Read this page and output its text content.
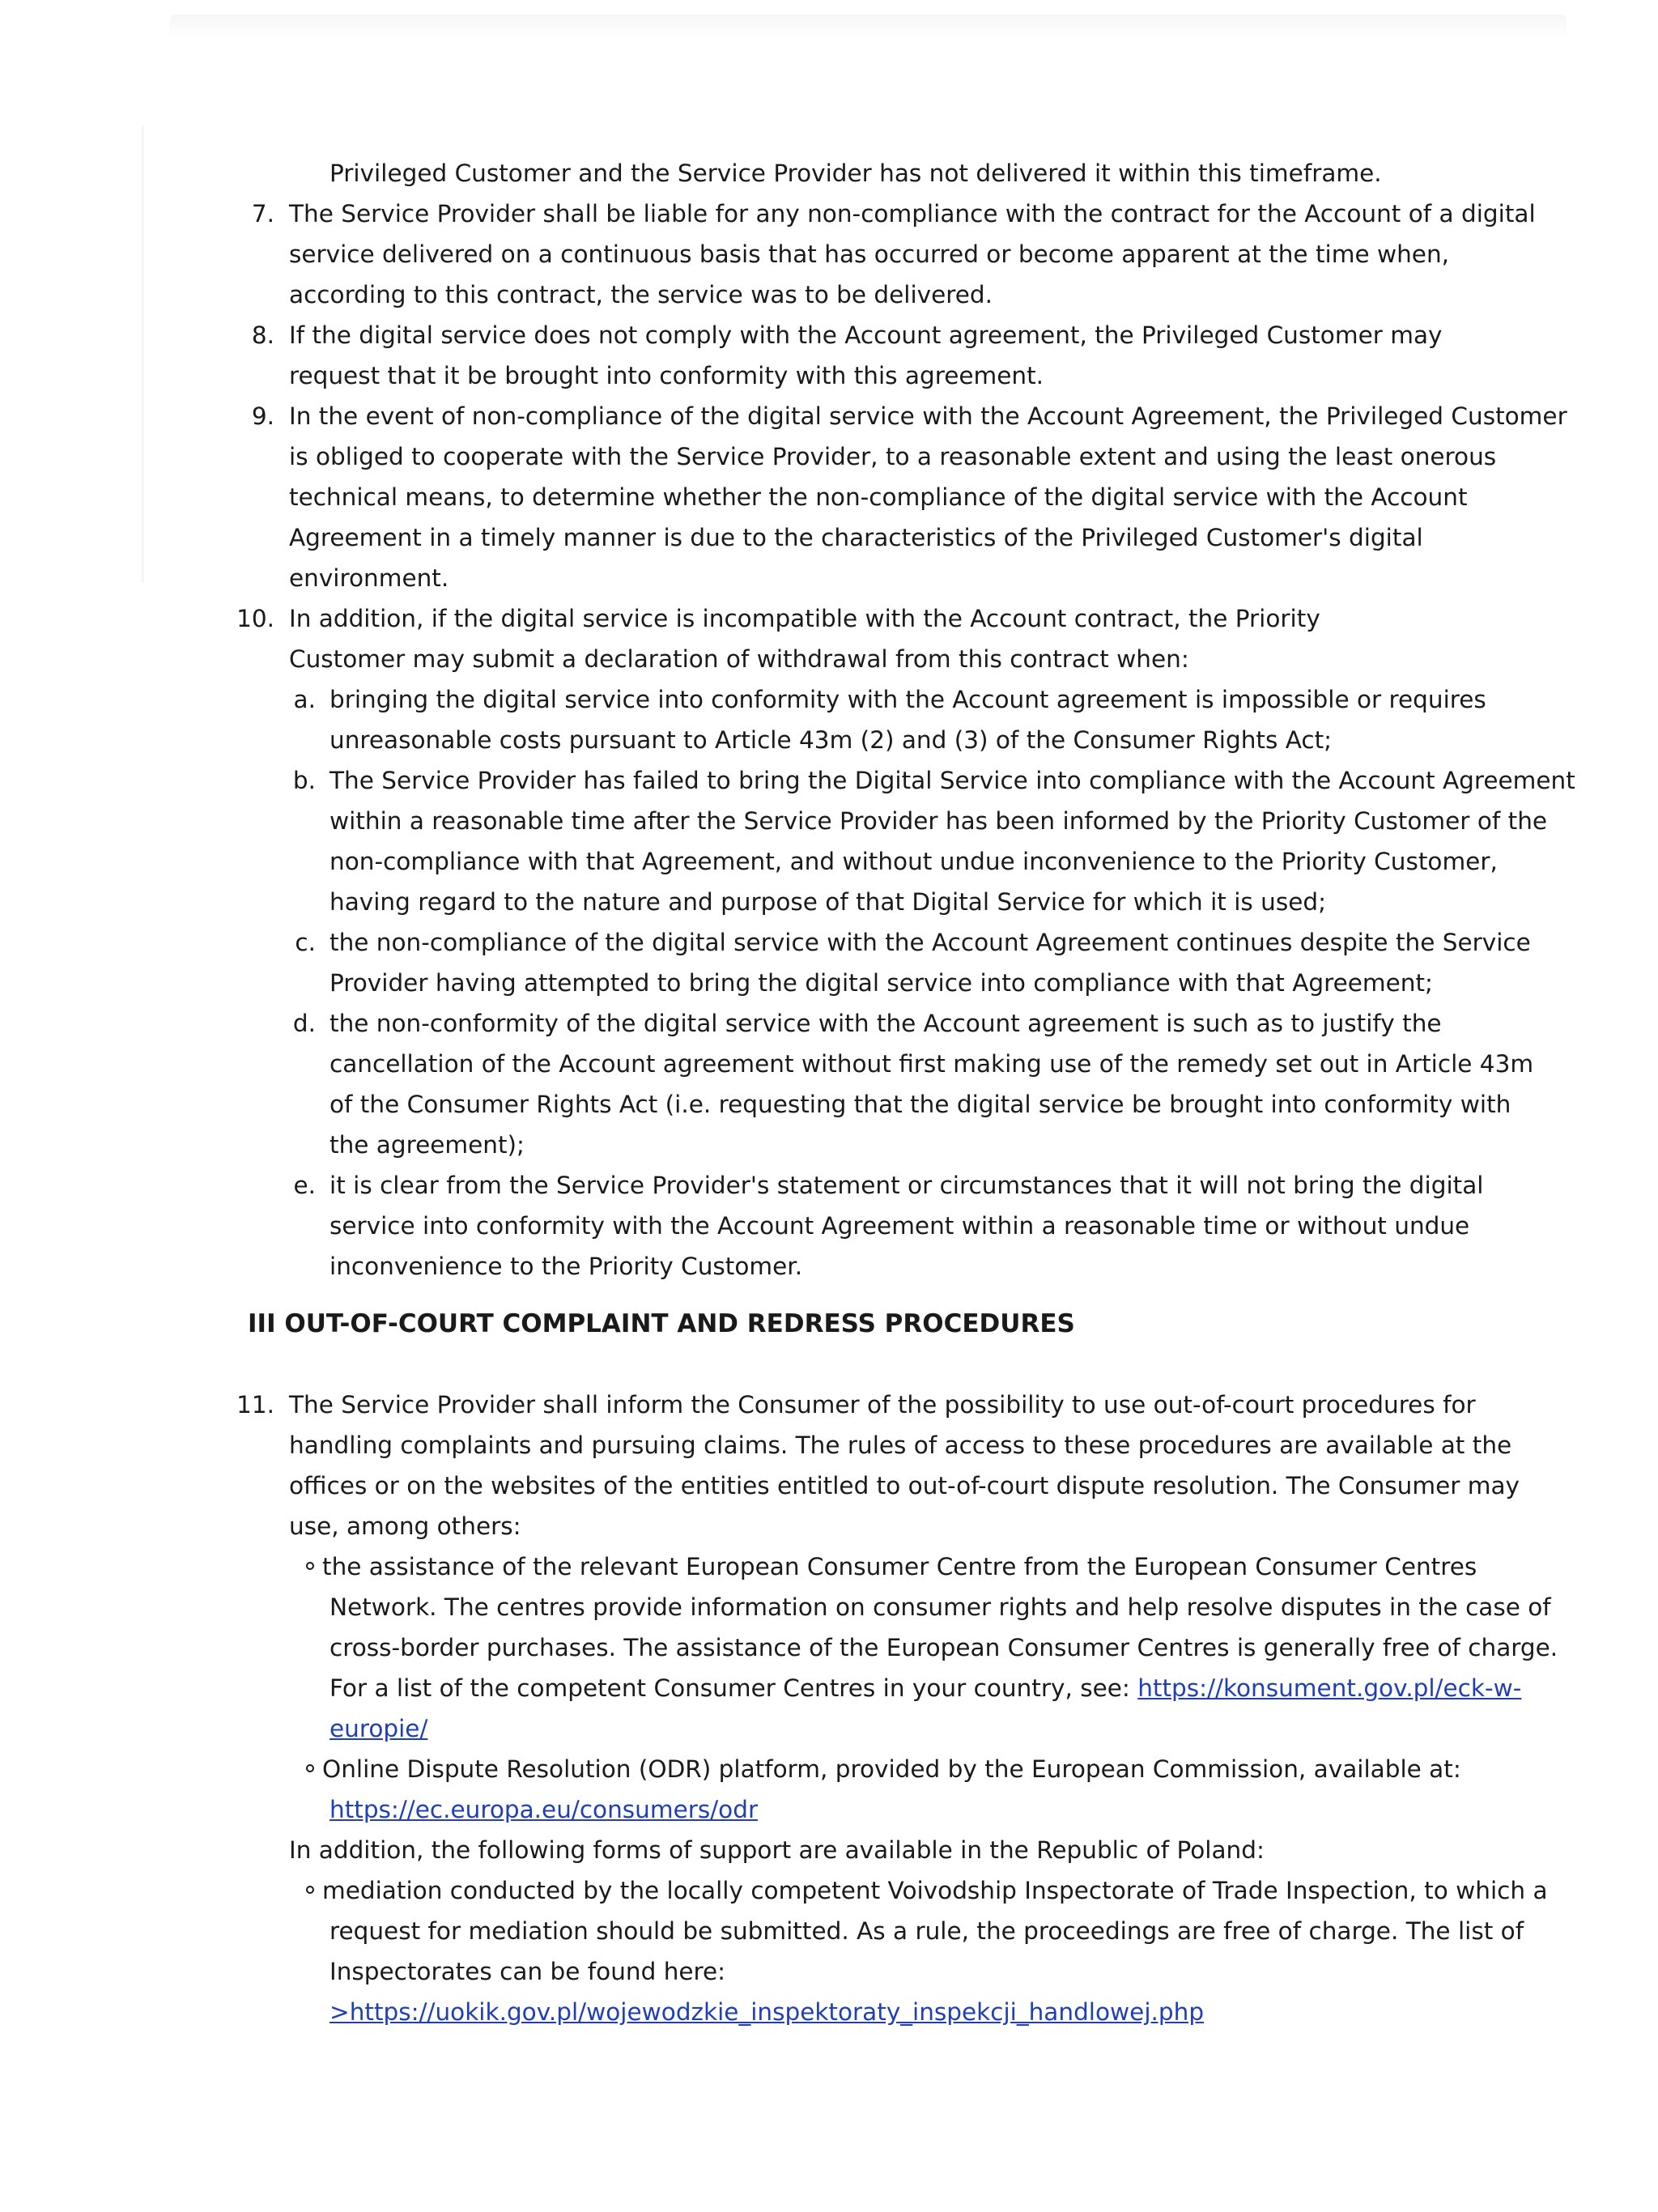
Privileged Customer and the Service Provider has not delivered it within this timeframe.
7. The Service Provider shall be liable for any non-compliance with the contract for the Account of a digital
service delivered on a continuous basis that has occurred or become apparent at the time when,
according to this contract, the service was to be delivered.
8. If the digital service does not comply with the Account agreement, the Privileged Customer may
request that it be brought into conformity with this agreement.
9. In the event of non-compliance of the digital service with the Account Agreement, the Privileged Customer
is obliged to cooperate with the Service Provider, to a reasonable extent and using the least onerous
technical means, to determine whether the non-compliance of the digital service with the Account
Agreement in a timely manner is due to the characteristics of the Privileged Customer's digital
environment.
10. In addition, if the digital service is incompatible with the Account contract, the Priority
Customer may submit a declaration of withdrawal from this contract when:
a. bringing the digital service into conformity with the Account agreement is impossible or requires
unreasonable costs pursuant to Article 43m (2) and (3) of the Consumer Rights Act;
b. The Service Provider has failed to bring the Digital Service into compliance with the Account Agreement
within a reasonable time after the Service Provider has been informed by the Priority Customer of the
non-compliance with that Agreement, and without undue inconvenience to the Priority Customer,
having regard to the nature and purpose of that Digital Service for which it is used;
c. the non-compliance of the digital service with the Account Agreement continues despite the Service
Provider having attempted to bring the digital service into compliance with that Agreement;
d. the non-conformity of the digital service with the Account agreement is such as to justify the
cancellation of the Account agreement without first making use of the remedy set out in Article 43m
of the Consumer Rights Act (i.e. requesting that the digital service be brought into conformity with
the agreement);
e. it is clear from the Service Provider's statement or circumstances that it will not bring the digital
service into conformity with the Account Agreement within a reasonable time or without undue
inconvenience to the Priority Customer.
III OUT-OF-COURT COMPLAINT AND REDRESS PROCEDURES
11. The Service Provider shall inform the Consumer of the possibility to use out-of-court procedures for
handling complaints and pursuing claims. The rules of access to these procedures are available at the
offices or on the websites of the entities entitled to out-of-court dispute resolution. The Consumer may
use, among others:
the assistance of the relevant European Consumer Centre from the European Consumer Centres
Network. The centres provide information on consumer rights and help resolve disputes in the case of
cross-border purchases. The assistance of the European Consumer Centres is generally free of charge.
For a list of the competent Consumer Centres in your country, see: https://konsument.gov.pl/eck-w-
europie/
Online Dispute Resolution (ODR) platform, provided by the European Commission, available at:
https://ec.europa.eu/consumers/odr
In addition, the following forms of support are available in the Republic of Poland:
mediation conducted by the locally competent Voivodship Inspectorate of Trade Inspection, to which a
request for mediation should be submitted. As a rule, the proceedings are free of charge. The list of
Inspectorates can be found here:
>https://uokik.gov.pl/wojewodzkie_inspektoraty_inspekcji_handlowej.php
